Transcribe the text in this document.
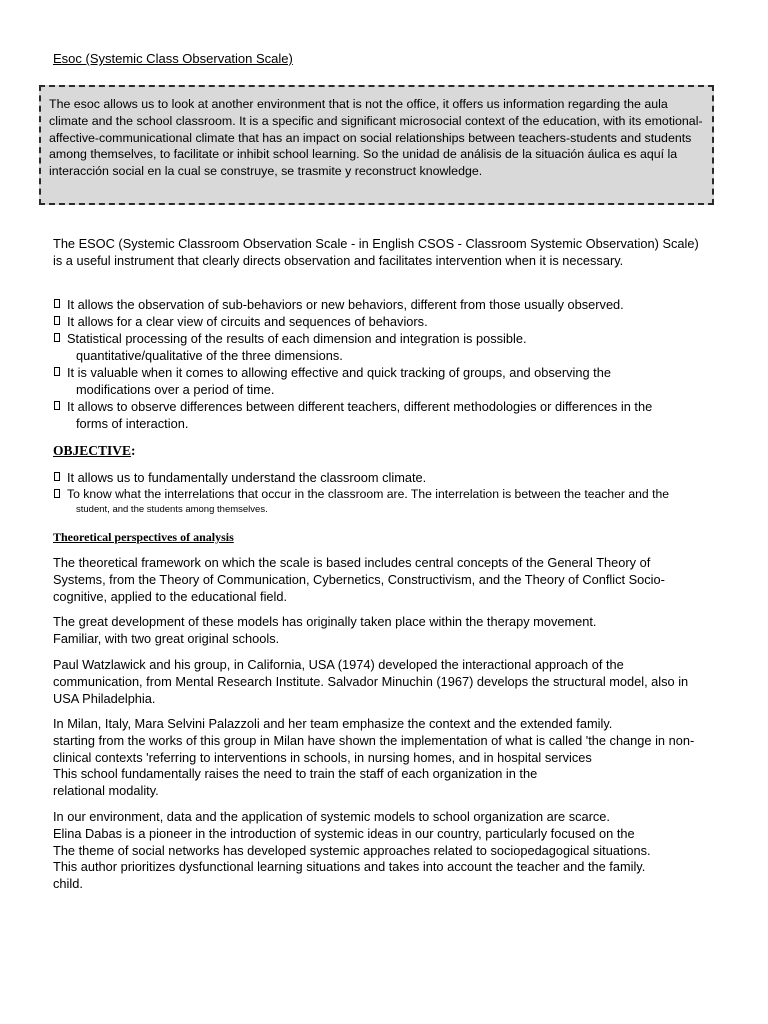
Esoc (Systemic Class Observation Scale)

The esoc allows us to look at another environment that is not the office, it offers us information regarding the aula climate and the school classroom. It is a specific and significant microsocial context of the education, with its emotional-affective-communicational climate that has an impact on social relationships between teachers-students and students among themselves, to facilitate or inhibit school learning. So the unidad de análisis de la situación áulica es aquí la interacción social en la cual se construye, se trasmite y reconstruct knowledge.

The ESOC (Systemic Classroom Observation Scale - in English CSOS - Classroom Systemic Observation) Scale) is a useful instrument that clearly directs observation and facilitates intervention when it is necessary.

It allows the observation of sub-behaviors or new behaviors, different from those usually observed.
It allows for a clear view of circuits and sequences of behaviors.
Statistical processing of the results of each dimension and integration is possible.
quantitative/qualitative of the three dimensions.
It is valuable when it comes to allowing effective and quick tracking of groups, and observing the
modifications over a period of time.
It allows to observe differences between different teachers, different methodologies or differences in the
forms of interaction.
OBJECTIVE:
It allows us to fundamentally understand the classroom climate.
To know what the interrelations that occur in the classroom are. The interrelation is between the teacher and the
student, and the students among themselves.
Theoretical perspectives of analysis

The theoretical framework on which the scale is based includes central concepts of the General Theory of Systems, from the Theory of Communication, Cybernetics, Constructivism, and the Theory of Conflict Socio-cognitive, applied to the educational field.

The great development of these models has originally taken place within the therapy movement.
Familiar, with two great original schools.

Paul Watzlawick and his group, in California, USA (1974) developed the interactional approach of the communication, from Mental Research Institute. Salvador Minuchin (1967) develops the structural model, also in USA Philadelphia.

In Milan, Italy, Mara Selvini Palazzoli and her team emphasize the context and the extended family.
starting from the works of this group in Milan have shown the implementation of what is called 'the change in non-clinical contexts 'referring to interventions in schools, in nursing homes, and in hospital services
This school fundamentally raises the need to train the staff of each organization in the
relational modality.

In our environment, data and the application of systemic models to school organization are scarce.
Elina Dabas is a pioneer in the introduction of systemic ideas in our country, particularly focused on the
The theme of social networks has developed systemic approaches related to sociopedagogical situations.
This author prioritizes dysfunctional learning situations and takes into account the teacher and the family.
child.
